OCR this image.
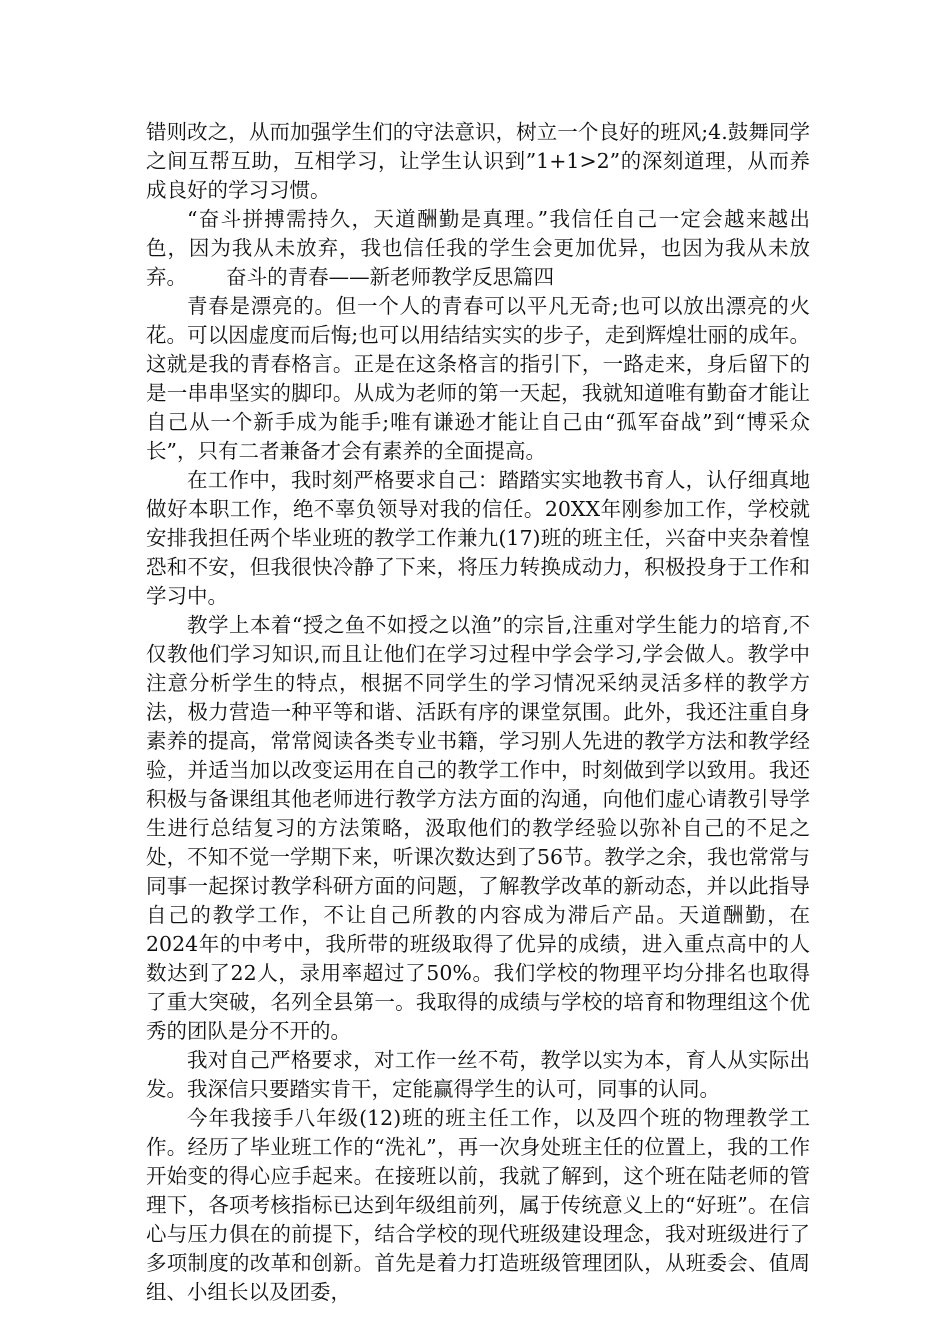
错则改之，从而加强学生们的守法意识，树立一个良好的班风;4.鼓舞同学之间互帮互助，互相学习，让学生认识到”1+1>2”的深刻道理，从而养成良好的学习习惯。

“奋斗拼搏需持久，天道酬勤是真理。”我信任自己一定会越来越出色，因为我从未放弃，我也信任我的学生会更加优异，也因为我从未放弃。      奋斗的青春——新老师教学反思篇四

青春是漂亮的。但一个人的青春可以平凡无奇;也可以放出漂亮的火花。可以因虚度而后悔;也可以用结结实实的步子，走到辉煌壮丽的成年。这就是我的青春格言。正是在这条格言的指引下，一路走来，身后留下的是一串串坚实的脚印。从成为老师的第一天起，我就知道唯有勤奋才能让自己从一个新手成为能手;唯有谦逊才能让自己由“孤军奋战”到“博采众长”，只有二者兼备才会有素养的全面提高。

在工作中，我时刻严格要求自己：踏踏实实地教书育人，认仔细真地做好本职工作，绝不辜负领导对我的信任。20XX年刚参加工作，学校就安排我担任两个毕业班的教学工作兼九(17)班的班主任，兴奋中夹杂着惶恐和不安，但我很快冷静了下来，将压力转换成动力，积极投身于工作和学习中。

教学上本着“授之鱼不如授之以渔”的宗旨,注重对学生能力的培育,不仅教他们学习知识,而且让他们在学习过程中学会学习,学会做人。教学中注意分析学生的特点，根据不同学生的学习情况采纳灵活多样的教学方法，极力营造一种平等和谐、活跃有序的课堂氛围。此外，我还注重自身素养的提高，常常阅读各类专业书籍，学习别人先进的教学方法和教学经验，并适当加以改变运用在自己的教学工作中，时刻做到学以致用。我还积极与备课组其他老师进行教学方法方面的沟通，向他们虚心请教引导学生进行总结复习的方法策略，汲取他们的教学经验以弥补自己的不足之处，不知不觉一学期下来，听课次数达到了56节。教学之余，我也常常与同事一起探讨教学科研方面的问题，了解教学改革的新动态，并以此指导自己的教学工作，不让自己所教的内容成为滞后产品。天道酬勤，在2024年的中考中，我所带的班级取得了优异的成绩，进入重点高中的人数达到了22人，录用率超过了50%。我们学校的物理平均分排名也取得了重大突破，名列全县第一。我取得的成绩与学校的培育和物理组这个优秀的团队是分不开的。

我对自己严格要求，对工作一丝不苟，教学以实为本，育人从实际出发。我深信只要踏实肯干，定能赢得学生的认可，同事的认同。

今年我接手八年级(12)班的班主任工作，以及四个班的物理教学工作。经历了毕业班工作的“洗礼”，再一次身处班主任的位置上，我的工作开始变的得心应手起来。在接班以前，我就了解到，这个班在陆老师的管理下，各项考核指标已达到年级组前列，属于传统意义上的“好班”。在信心与压力俱在的前提下，结合学校的现代班级建设理念，我对班级进行了多项制度的改革和创新。首先是着力打造班级管理团队，从班委会、值周组、小组长以及团委，
